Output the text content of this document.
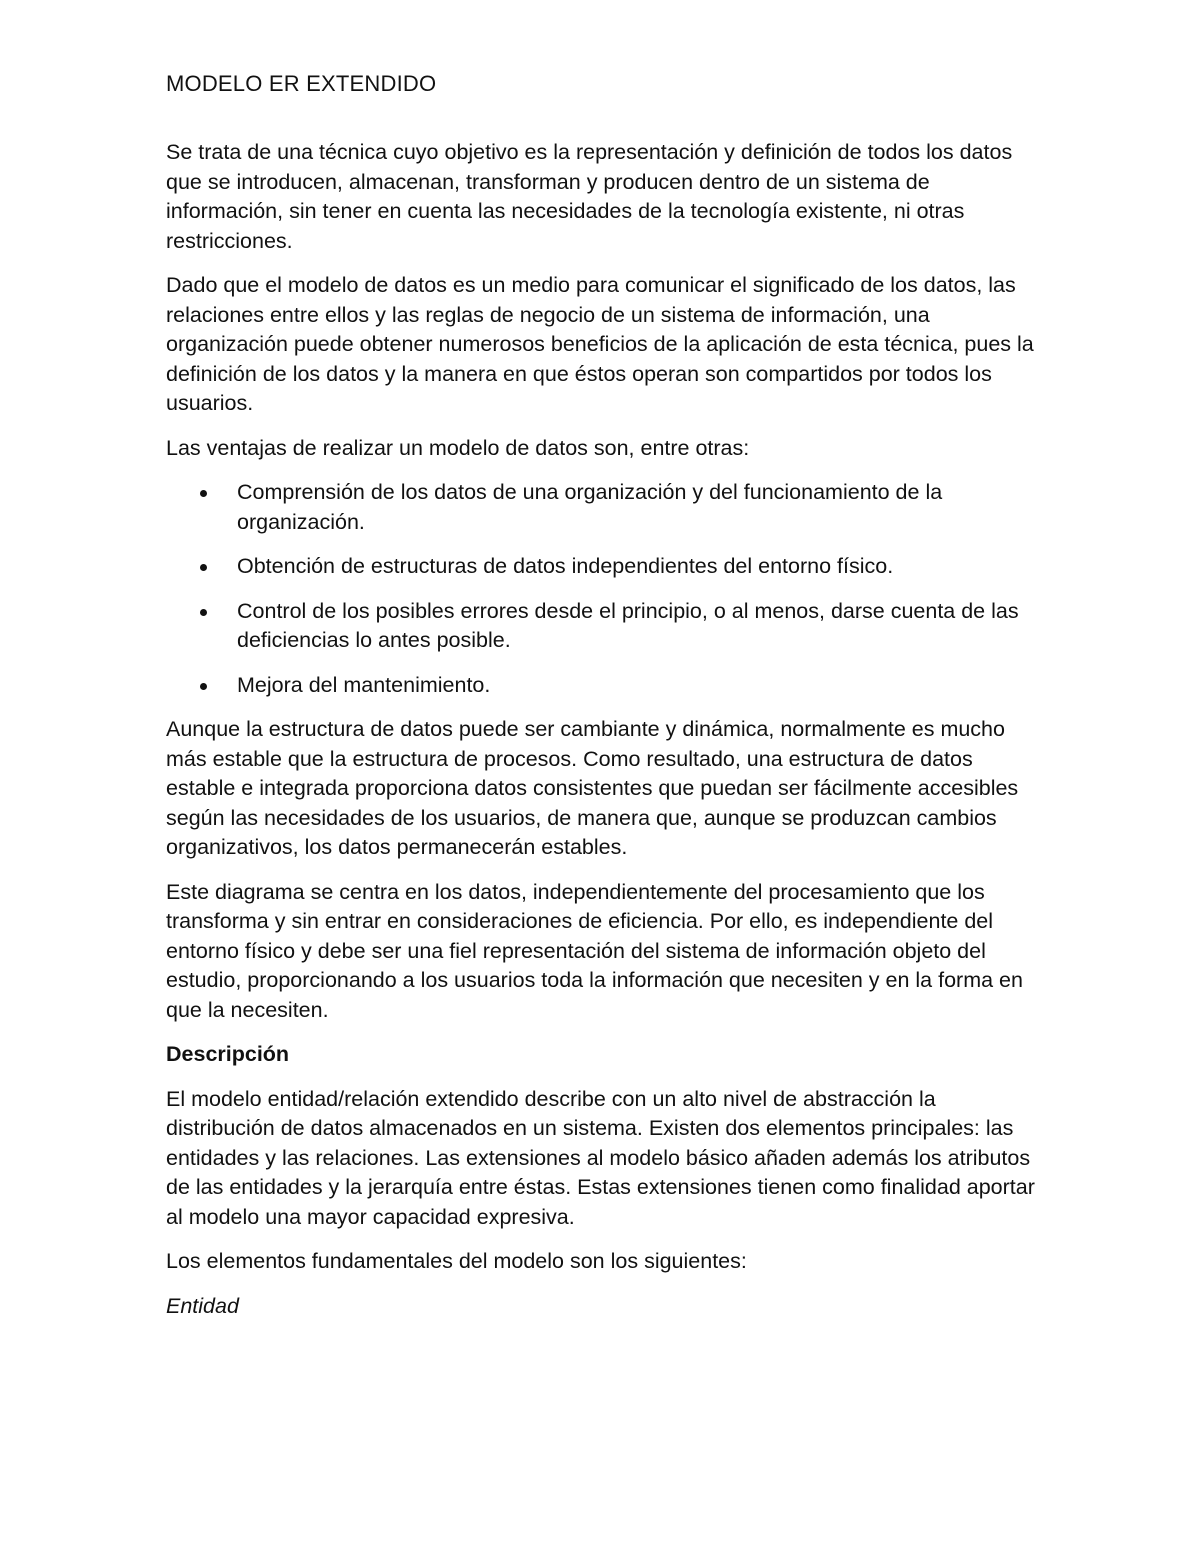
MODELO ER EXTENDIDO

Se trata de una técnica cuyo objetivo es la representación y definición de todos los datos que se introducen, almacenan, transforman y producen dentro de un sistema de información, sin tener en cuenta las necesidades de la tecnología existente, ni otras restricciones.

Dado que el modelo de datos es un medio para comunicar el significado de los datos, las relaciones entre ellos y las reglas de negocio de un sistema de información, una organización puede obtener numerosos beneficios de la aplicación de esta técnica, pues la definición de los datos y la manera en que éstos operan son compartidos por todos los usuarios.

Las ventajas de realizar un modelo de datos son, entre otras:

Comprensión de los datos de una organización y del funcionamiento de la organización.
Obtención de estructuras de datos independientes del entorno físico.
Control de los posibles errores desde el principio, o al menos, darse cuenta de las deficiencias lo antes posible.
Mejora del mantenimiento.

Aunque la estructura de datos puede ser cambiante y dinámica, normalmente es mucho más estable que la estructura de procesos. Como resultado, una estructura de datos estable e integrada proporciona datos consistentes que puedan ser fácilmente accesibles según las necesidades de los usuarios, de manera que, aunque se produzcan cambios organizativos, los datos permanecerán estables.

Este diagrama se centra en los datos, independientemente del procesamiento que los transforma y sin entrar en consideraciones de eficiencia. Por ello, es independiente del entorno físico y debe ser una fiel representación del sistema de información objeto del estudio, proporcionando a los usuarios toda la información que necesiten y en la forma en que la necesiten.

Descripción

El modelo entidad/relación extendido describe con un alto nivel de abstracción la distribución de datos almacenados en un sistema. Existen dos elementos principales: las entidades y las relaciones. Las extensiones al modelo básico añaden además los atributos de las entidades y la jerarquía entre éstas. Estas extensiones tienen como finalidad aportar al modelo una mayor capacidad expresiva.

Los elementos fundamentales del modelo son los siguientes:

Entidad
